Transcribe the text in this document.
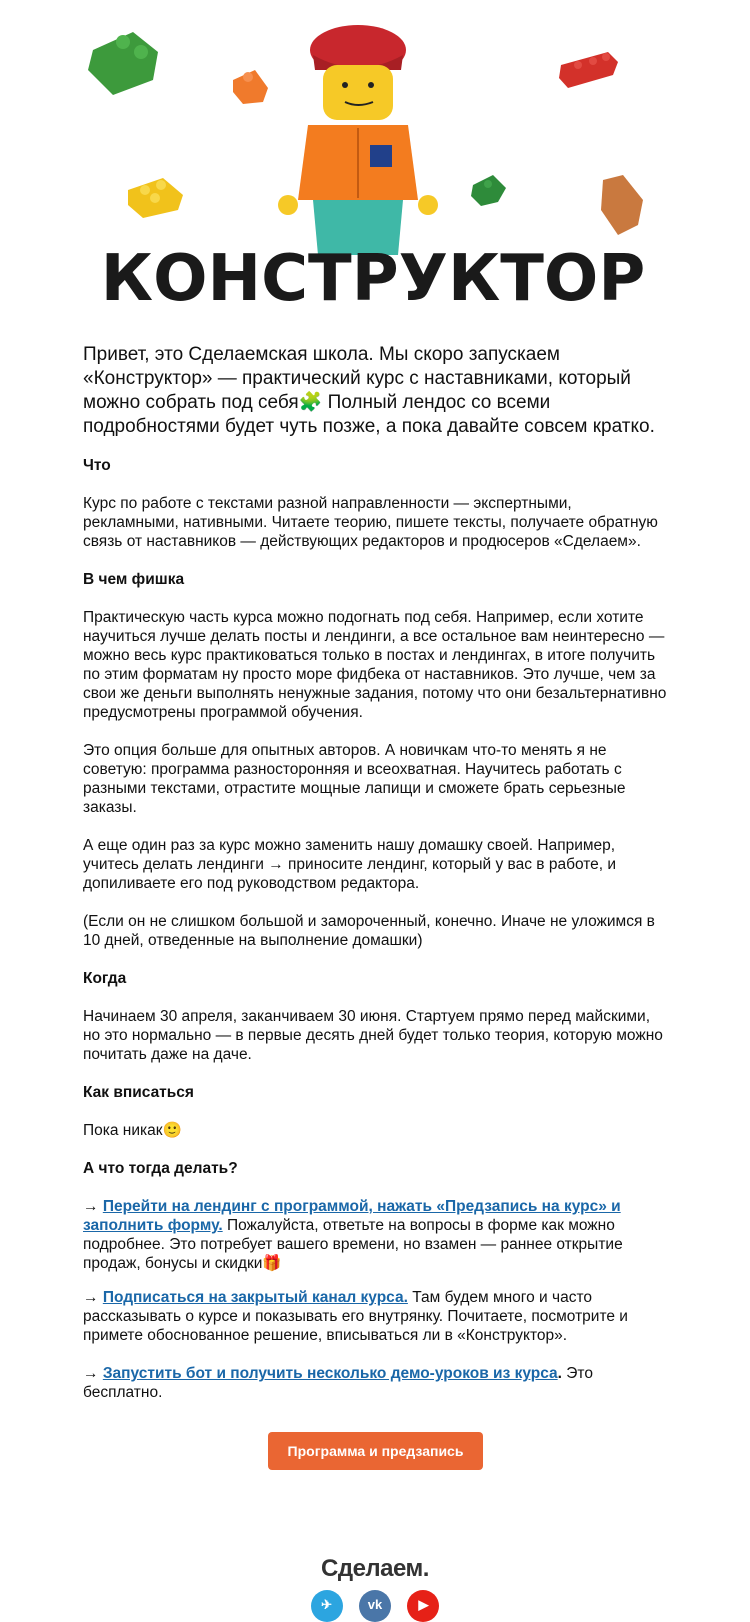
КОНСТРУКТОР

Привет, это Сделаемская школа. Мы скоро запускаем «Конструктор» — практический курс с наставниками, который можно собрать под себя🧩 Полный лендос со всеми подробностями будет чуть позже, а пока давайте совсем кратко.

Что

Курс по работе с текстами разной направленности — экспертными, рекламными, нативными. Читаете теорию, пишете тексты, получаете обратную связь от наставников — действующих редакторов и продюсеров «Сделаем».

В чем фишка

Практическую часть курса можно подогнать под себя. Например, если хотите научиться лучше делать посты и лендинги, а все остальное вам неинтересно — можно весь курс практиковаться только в постах и лендингах, в итоге получить по этим форматам ну просто море фидбека от наставников. Это лучше, чем за свои же деньги выполнять ненужные задания, потому что они безальтернативно предусмотрены программой обучения.

Это опция больше для опытных авторов. А новичкам что-то менять я не советую: программа разносторонняя и всеохватная. Научитесь работать с разными текстами, отрастите мощные лапищи и сможете брать серьезные заказы.

А еще один раз за курс можно заменить нашу домашку своей. Например, учитесь делать лендинги → приносите лендинг, который у вас в работе, и допиливаете его под руководством редактора.

(Если он не слишком большой и замороченный, конечно. Иначе не уложимся в 10 дней, отведенные на выполнение домашки)

Когда

Начинаем 30 апреля, заканчиваем 30 июня. Стартуем прямо перед майскими, но это нормально — в первые десять дней будет только теория, которую можно почитать даже на даче.

Как вписаться

Пока никак🙂

А что тогда делать?

→ Перейти на лендинг с программой, нажать «Предзапись на курс» и заполнить форму. Пожалуйста, ответьте на вопросы в форме как можно подробнее. Это потребует вашего времени, но взамен — раннее открытие продаж, бонусы и скидки🎁

→ Подписаться на закрытый канал курса. Там будем много и часто рассказывать о курсе и показывать его внутрянку. Почитаете, посмотрите и примете обоснованное решение, вписываться ли в «Конструктор».

→ Запустить бот и получить несколько демо-уроков из курса. Это бесплатно.

Программа и предзапись
Сделаем.
✈
	vk
	▶
